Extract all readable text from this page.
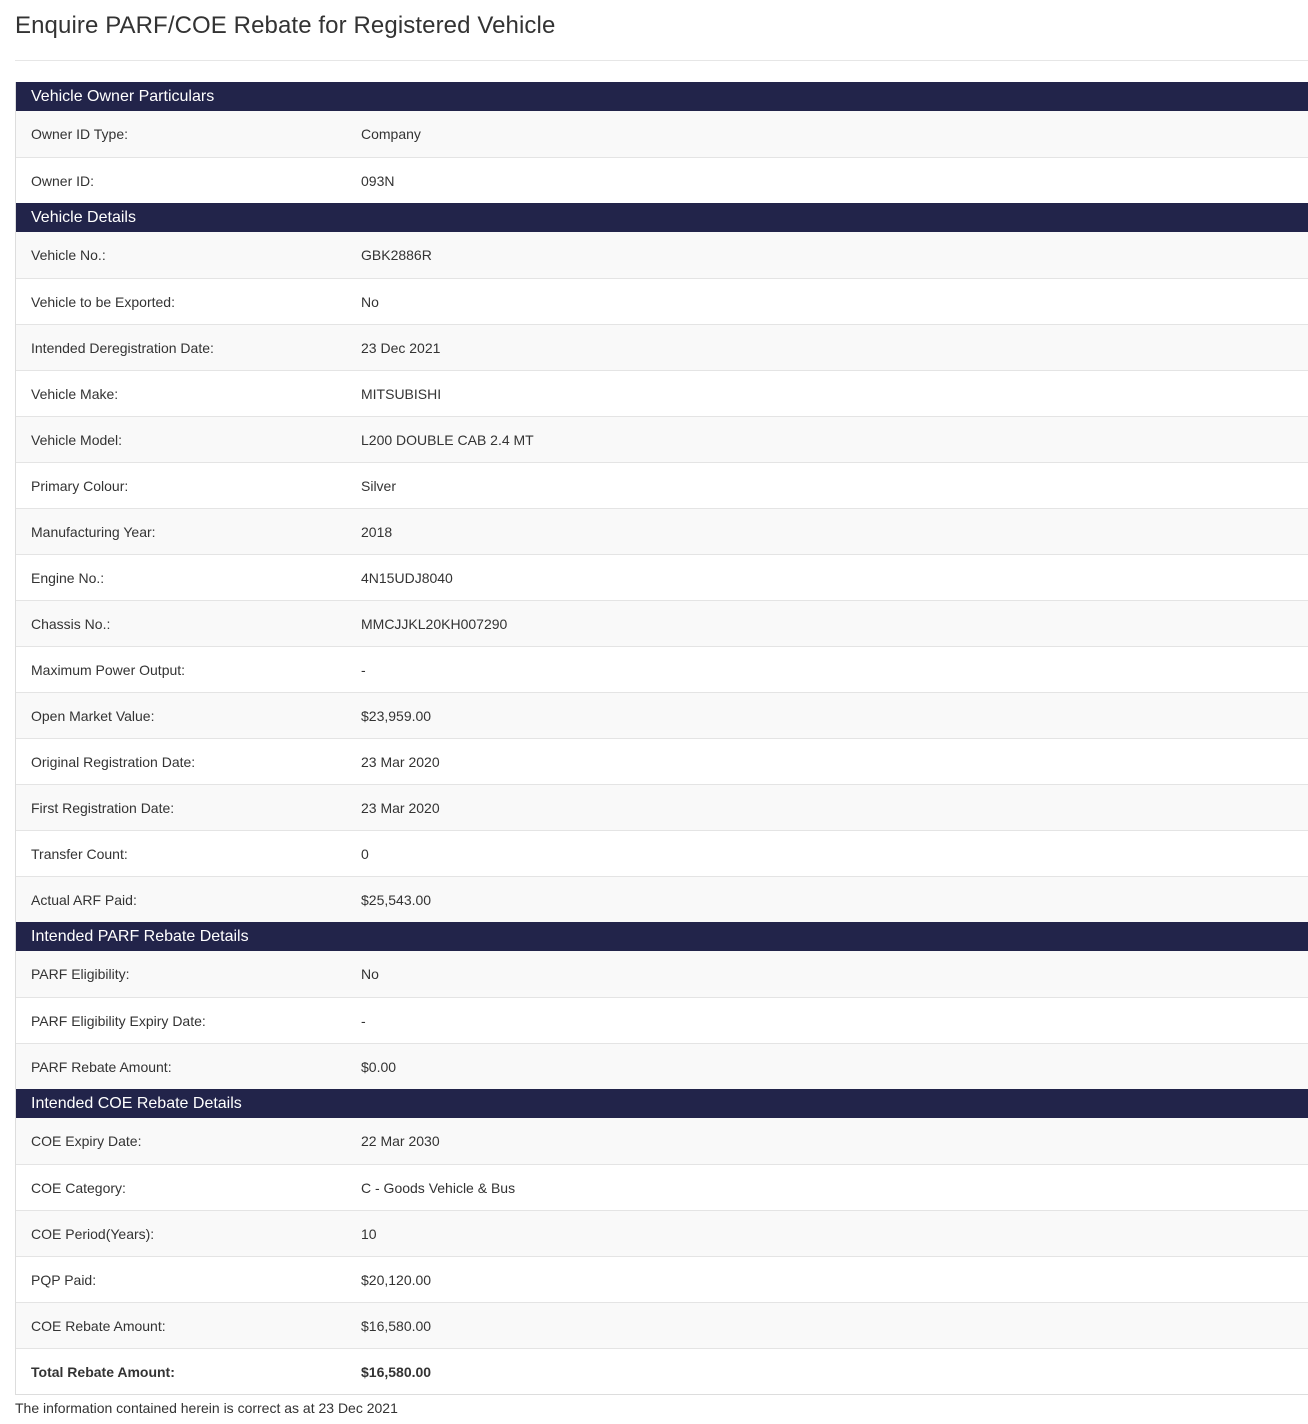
Enquire PARF/COE Rebate for Registered Vehicle
Vehicle Owner Particulars
Owner ID Type:	Company
Owner ID:	093N
Vehicle Details
Vehicle No.:	GBK2886R
Vehicle to be Exported:	No
Intended Deregistration Date:	23 Dec 2021
Vehicle Make:	MITSUBISHI
Vehicle Model:	L200 DOUBLE CAB 2.4 MT
Primary Colour:	Silver
Manufacturing Year:	2018
Engine No.:	4N15UDJ8040
Chassis No.:	MMCJJKL20KH007290
Maximum Power Output:	-
Open Market Value:	$23,959.00
Original Registration Date:	23 Mar 2020
First Registration Date:	23 Mar 2020
Transfer Count:	0
Actual ARF Paid:	$25,543.00
Intended PARF Rebate Details
PARF Eligibility:	No
PARF Eligibility Expiry Date:	-
PARF Rebate Amount:	$0.00
Intended COE Rebate Details
COE Expiry Date:	22 Mar 2030
COE Category:	C - Goods Vehicle & Bus
COE Period(Years):	10
PQP Paid:	$20,120.00
COE Rebate Amount:	$16,580.00
Total Rebate Amount:	$16,580.00
The information contained herein is correct as at 23 Dec 2021
